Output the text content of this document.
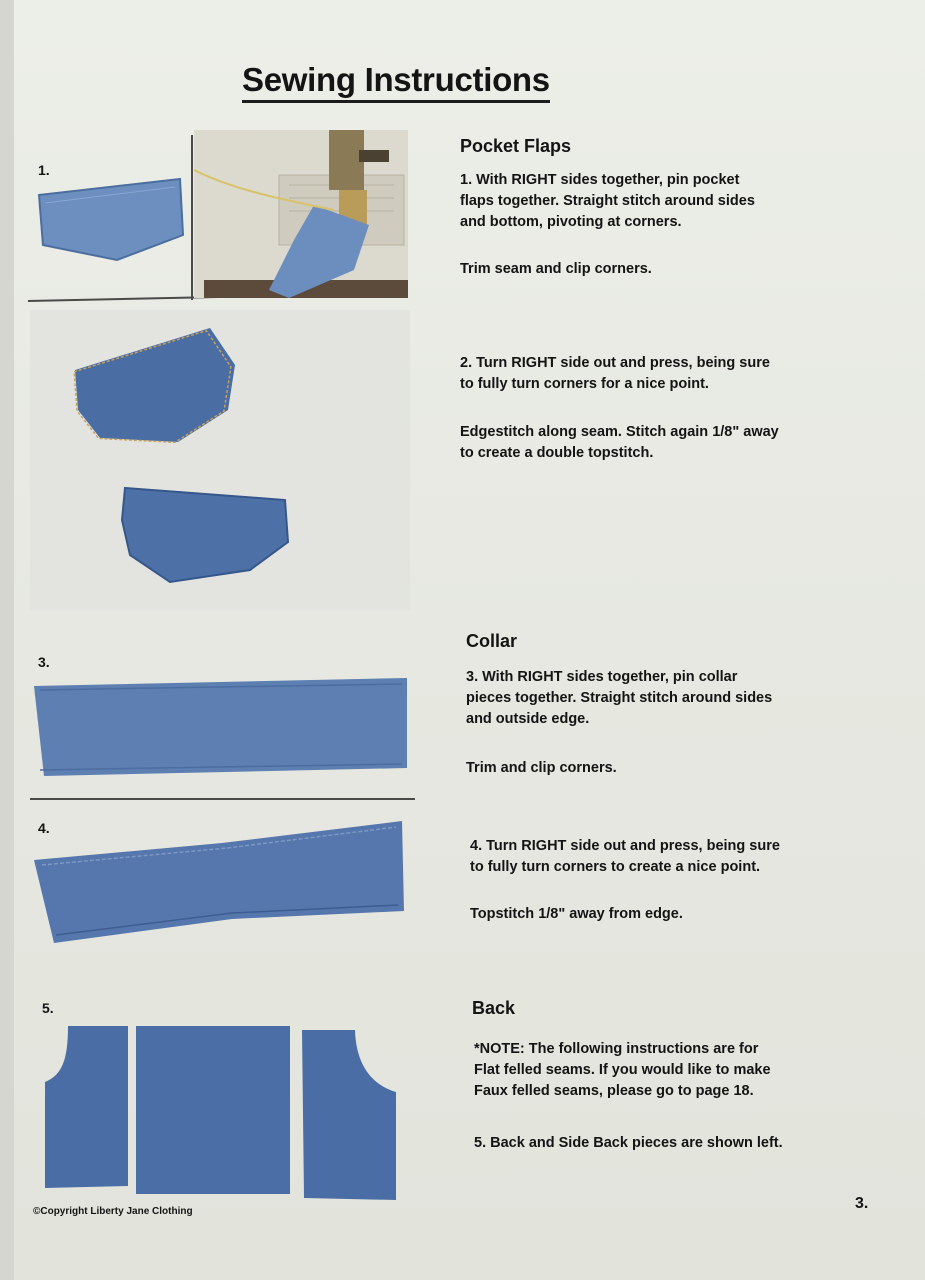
Sewing Instructions
1.
3.
4.
5.
Pocket Flaps

1. With RIGHT sides together, pin pocket
flaps together. Straight stitch around sides
and bottom, pivoting at corners.

Trim seam and clip corners.

2. Turn RIGHT side out and press, being sure
to fully turn corners for a nice point.

Edgestitch along seam. Stitch again 1/8" away
to create a double topstitch.

Collar

3. With RIGHT sides together, pin collar
pieces together. Straight stitch around sides
and outside edge.

Trim and clip corners.

4. Turn RIGHT side out and press, being sure
to fully turn corners to create a nice point.

Topstitch 1/8" away from edge.

Back

*NOTE: The following instructions are for
Flat felled seams. If you would like to make
Faux felled seams, please go to page 18.

5. Back and Side Back pieces are shown left.

©Copyright Liberty Jane Clothing	3.
